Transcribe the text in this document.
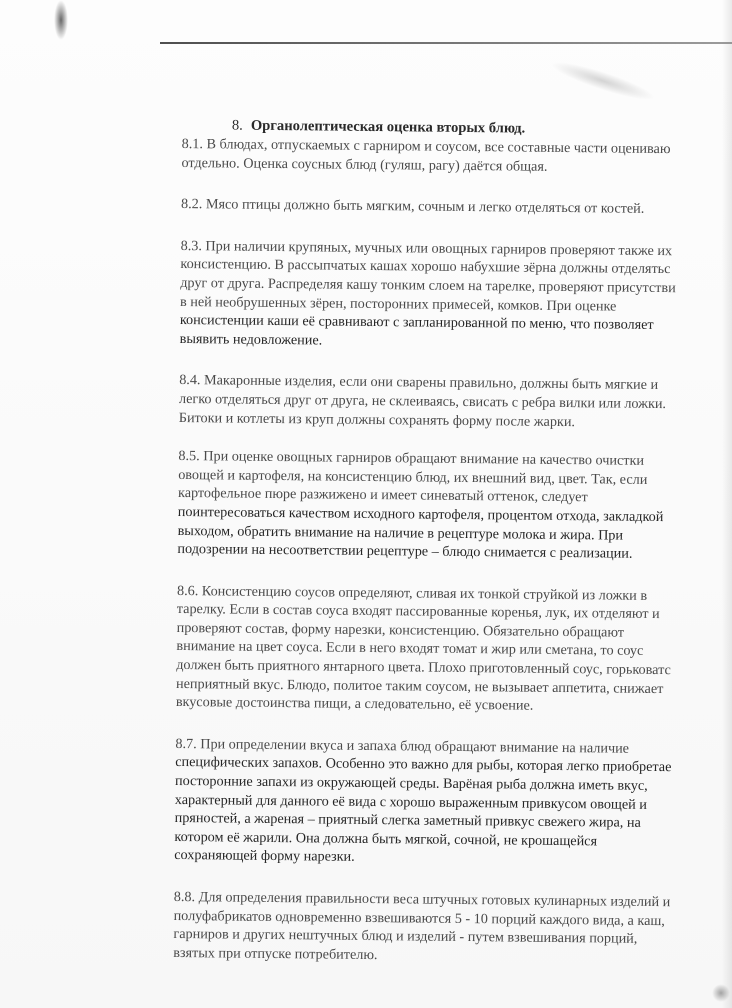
8. Органолептическая оценка вторых блюд.
8.1. В блюдах, отпускаемых с гарниром и соусом, все составные части оцениваю
отдельно. Оценка соусных блюд (гуляш, рагу) даётся общая.
8.2. Мясо птицы должно быть мягким, сочным и легко отделяться от костей.
8.3. При наличии крупяных, мучных или овощных гарниров проверяют также их
консистенцию. В рассыпчатых кашах хорошо набухшие зёрна должны отделятьс
друг от друга. Распределяя кашу тонким слоем на тарелке, проверяют присутстви
в ней необрушенных зёрен, посторонних примесей, комков. При оценке
консистенции каши её сравнивают с запланированной по меню, что позволяет
выявить недовложение.
8.4. Макаронные изделия, если они сварены правильно, должны быть мягкие и
легко отделяться друг от друга, не склеиваясь, свисать с ребра вилки или ложки.
Битоки и котлеты из круп должны сохранять форму после жарки.
8.5. При оценке овощных гарниров обращают внимание на качество очистки
овощей и картофеля, на консистенцию блюд, их внешний вид, цвет. Так, если
картофельное пюре разжижено и имеет синеватый оттенок, следует
поинтересоваться качеством исходного картофеля, процентом отхода, закладкой
выходом, обратить внимание на наличие в рецептуре молока и жира. При
подозрении на несоответствии рецептуре – блюдо снимается с реализации.
8.6. Консистенцию соусов определяют, сливая их тонкой струйкой из ложки в
тарелку. Если в состав соуса входят пассированные коренья, лук, их отделяют и
проверяют состав, форму нарезки, консистенцию. Обязательно обращают
внимание на цвет соуса. Если в него входят томат и жир или сметана, то соус
должен быть приятного янтарного цвета. Плохо приготовленный соус, горьковатс
неприятный вкус. Блюдо, политое таким соусом, не вызывает аппетита, снижает
вкусовые достоинства пищи, а следовательно, её усвоение.
8.7. При определении вкуса и запаха блюд обращают внимание на наличие
специфических запахов. Особенно это важно для рыбы, которая легко приобретае
посторонние запахи из окружающей среды. Варёная рыба должна иметь вкус,
характерный для данного её вида с хорошо выраженным привкусом овощей и
пряностей, а жареная – приятный слегка заметный привкус свежего жира, на
котором её жарили. Она должна быть мягкой, сочной, не крошащейся
сохраняющей форму нарезки.
8.8. Для определения правильности веса штучных готовых кулинарных изделий и
полуфабрикатов одновременно взвешиваются 5 - 10 порций каждого вида, а каш,
гарниров и других нештучных блюд и изделий - путем взвешивания порций,
взятых при отпуске потребителю.
